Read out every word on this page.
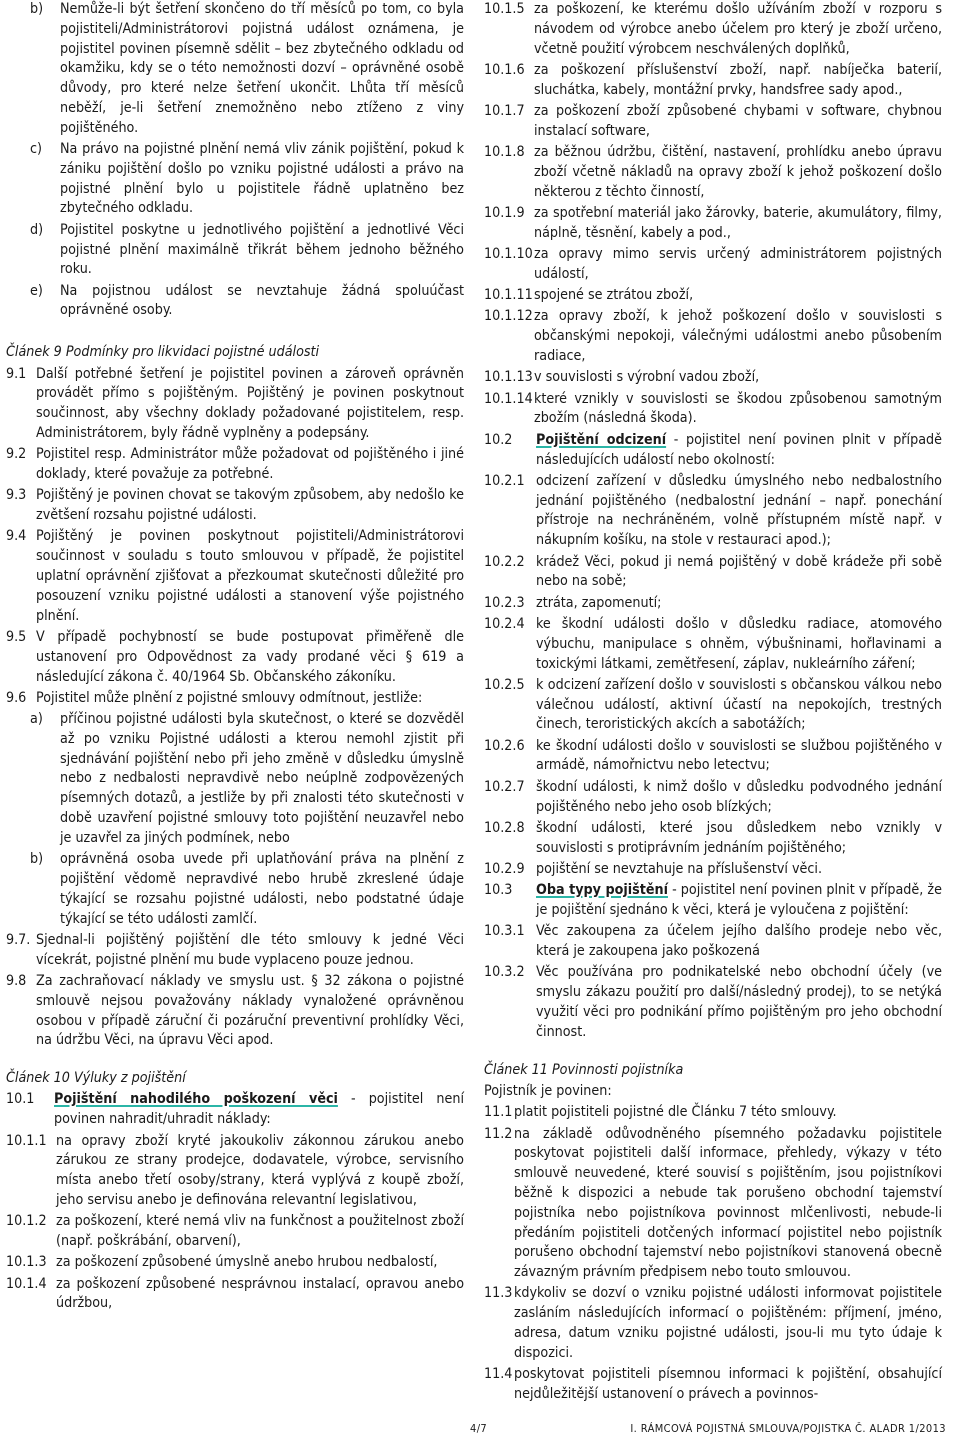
b)	Nemůže-li být šetření skončeno do tří měsíců po tom, co byla pojistiteli/Administrátorovi pojistná událost oznámena, je pojistitel povinen písemně sdělit – bez zbytečného odkladu od okamžiku, kdy se o této nemožnosti dozví – oprávněné osobě důvody, pro které nelze šetření ukončit. Lhůta tří měsíců neběží, je-li šetření znemožněno nebo ztíženo z viny pojištěného.
c)	Na právo na pojistné plnění nemá vliv zánik pojištění, pokud k zániku pojištění došlo po vzniku pojistné události a právo na pojistné plnění bylo u pojistitele řádně uplatněno bez zbytečného odkladu.
d)	Pojistitel poskytne u jednotlivého pojištění a jednotlivé Věci pojistné plnění maximálně třikrát během jednoho běžného roku.
e)	Na pojistnou událost se nevztahuje žádná spoluúčast oprávněné osoby.
Článek 9 Podmínky pro likvidaci pojistné události
9.1 Další potřebné šetření je pojistitel povinen a zároveň oprávněn provádět přímo s pojištěným. Pojištěný je povinen poskytnout součinnost, aby všechny doklady požadované pojistitelem, resp. Administrátorem, byly řádně vyplněny a podepsány.
9.2 Pojistitel resp. Administrátor může požadovat od pojištěného i jiné doklady, které považuje za potřebné.
9.3 Pojištěný je povinen chovat se takovým způsobem, aby nedošlo ke zvětšení rozsahu pojistné události.
9.4 Pojištěný je povinen poskytnout pojistiteli/Administrátorovi součinnost v souladu s touto smlouvou v případě, že pojistitel uplatní oprávnění zjišťovat a přezkoumat skutečnosti důležité pro posouzení vzniku pojistné události a stanovení výše pojistného plnění.
9.5 V případě pochybností se bude postupovat přiměřeně dle ustanovení pro Odpovědnost za vady prodané věci § 619 a následující zákona č. 40/1964 Sb. Občanského zákoníku.
9.6 Pojistitel může plnění z pojistné smlouvy odmítnout, jestliže:
a)	příčinou pojistné události byla skutečnost, o které se dozvěděl až po vzniku Pojistné události a kterou nemohl zjistit při sjednávání pojištění nebo při jeho změně v důsledku úmyslně nebo z nedbalosti nepravdivě nebo neúplně zodpovězených písemných dotazů, a jestliže by při znalosti této skutečnosti v době uzavření pojistné smlouvy toto pojištění neuzavřel nebo je uzavřel za jiných podmínek, nebo
b)	oprávněná osoba uvede při uplatňování práva na plnění z pojištění vědomě nepravdivé nebo hrubě zkreslené údaje týkající se rozsahu pojistné události, nebo podstatné údaje týkající se této události zamlčí.
9.7. Sjednal-li pojištěný pojištění dle této smlouvy k jedné Věci vícekrát, pojistné plnění mu bude vyplaceno pouze jednou.
9.8 Za zachraňovací náklady ve smyslu ust. § 32 zákona o pojistné smlouvě nejsou považovány náklady vynaložené oprávněnou osobou v případě záruční či pozáruční preventivní prohlídky Věci, na údržbu Věci, na úpravu Věci apod.
Článek 10 Výluky z pojištění
10.1	Pojištění nahodilého poškození věci - pojistitel není povinen nahradit/uhradit náklady:
10.1.1 na opravy zboží kryté jakoukoliv zákonnou zárukou anebo zárukou ze strany prodejce, dodavatele, výrobce, servisního místa anebo třetí osoby/strany, která vyplývá z koupě zboží, jeho servisu anebo je definována relevantní legislativou,
10.1.2 za poškození, které nemá vliv na funkčnost a použitelnost zboží (např. poškrábání, obarvení),
10.1.3 za poškození způsobené úmyslně anebo hrubou nedbalostí,
10.1.4 za poškození způsobené nesprávnou instalací, opravou anebo údržbou,
10.1.5 za poškození, ke kterému došlo užíváním zboží v rozporu s návodem od výrobce anebo účelem pro který je zboží určeno, včetně použití výrobcem neschválených doplňků,
10.1.6 za poškození příslušenství zboží, např. nabíječka baterií, sluchátka, kabely, montážní prvky, handsfree sady apod.,
10.1.7 za poškození zboží způsobené chybami v software, chybnou instalací software,
10.1.8 za běžnou údržbu, čištění, nastavení, prohlídku anebo úpravu zboží včetně nákladů na opravy zboží k jehož poškození došlo některou z těchto činností,
10.1.9 za spotřební materiál jako žárovky, baterie, akumulátory, filmy, náplně, těsnění, kabely a pod.,
10.1.10 za opravy mimo servis určený administrátorem pojistných událostí,
10.1.11 spojené se ztrátou zboží,
10.1.12 za opravy zboží, k jehož poškození došlo v souvislosti s občanskými nepokoji, válečnými událostmi anebo působením radiace,
10.1.13 v souvislosti s výrobní vadou zboží,
10.1.14 které vznikly v souvislosti se škodou způsobenou samotným zbožím (následná škoda).
10.2	Pojištění odcizení - pojistitel není povinen plnit v případě následujících událostí nebo okolností:
10.2.1 odcizení zařízení v důsledku úmyslného nebo nedbalostního jednání pojištěného (nedbalostní jednání – např. ponechání přístroje na nechráněném, volně přístupném místě např. v nákupním košíku, na stole v restauraci apod.);
10.2.2 krádež Věci, pokud ji nemá pojištěný v době krádeže při sobě nebo na sobě;
10.2.3 ztráta, zapomenutí;
10.2.4 ke škodní události došlo v důsledku radiace, atomového výbuchu, manipulace s ohněm, výbušninami, hořlavinami a toxickými látkami, zemětřesení, záplav, nukleárního záření;
10.2.5 k odcizení zařízení došlo v souvislosti s občanskou válkou nebo válečnou událostí, aktivní účastí na nepokojích, trestných činech, teroristických akcích a sabotážích;
10.2.6 ke škodní události došlo v souvislosti se službou pojištěného v armádě, námořnictvu nebo letectvu;
10.2.7 škodní události, k nimž došlo v důsledku podvodného jednání pojištěného nebo jeho osob blízkých;
10.2.8 škodní události, které jsou důsledkem nebo vznikly v souvislosti s protiprávním jednáním pojištěného;
10.2.9 pojištění se nevztahuje na příslušenství věci.
10.3	Oba typy pojištění - pojistitel není povinen plnit v případě, že je pojištění sjednáno k věci, která je vyloučena z pojištění:
10.3.1 Věc zakoupena za účelem jejího dalšího prodeje nebo věc, která je zakoupena jako poškozená
10.3.2 Věc používána pro podnikatelské nebo obchodní účely (ve smyslu zákazu použití pro další/následný prodej), to se netýká využití věci pro podnikání přímo pojištěným pro jeho obchodní činnost.
Článek 11 Povinnosti pojistníka
Pojistník je povinen:
11.1 platit pojistiteli pojistné dle Článku 7 této smlouvy.
11.2 na základě odůvodněného písemného požadavku pojistitele poskytovat pojistiteli další informace, přehledy, výkazy v této smlouvě neuvedené, které souvisí s pojištěním, jsou pojistníkovi běžně k dispozici a nebude tak porušeno obchodní tajemství pojistníka nebo pojistníkova povinnost mlčenlivosti, nebude-li předáním pojistiteli dotčených informací pojistitel nebo pojistník porušeno obchodní tajemství nebo pojistníkovi stanovená obecně závazným právním předpisem nebo touto smlouvou.
11.3 kdykoliv se dozví o vzniku pojistné události informovat pojistitele zasláním následujících informací o pojištěném: příjmení, jméno, adresa, datum vzniku pojistné události, jsou-li mu tyto údaje k dispozici.
11.4 poskytovat pojistiteli písemnou informaci k pojištění, obsahující nejdůležitější ustanovení o právech a povinnos-
4/7	I. RÁMCOVÁ POJISTNÁ SMLOUVA/POJISTKA Č. ALADR 1/2013
